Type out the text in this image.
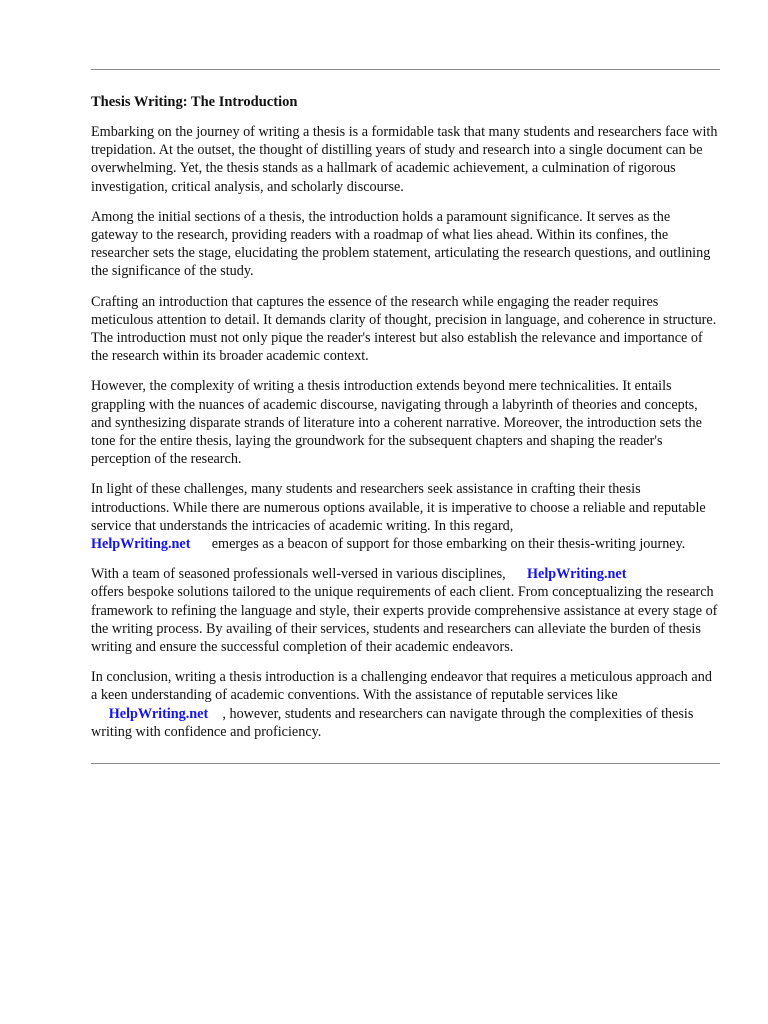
Thesis Writing: The Introduction

Embarking on the journey of writing a thesis is a formidable task that many students and researchers face with trepidation. At the outset, the thought of distilling years of study and research into a single document can be overwhelming. Yet, the thesis stands as a hallmark of academic achievement, a culmination of rigorous investigation, critical analysis, and scholarly discourse.

Among the initial sections of a thesis, the introduction holds a paramount significance. It serves as the gateway to the research, providing readers with a roadmap of what lies ahead. Within its confines, the researcher sets the stage, elucidating the problem statement, articulating the research questions, and outlining the significance of the study.

Crafting an introduction that captures the essence of the research while engaging the reader requires meticulous attention to detail. It demands clarity of thought, precision in language, and coherence in structure. The introduction must not only pique the reader's interest but also establish the relevance and importance of the research within its broader academic context.

However, the complexity of writing a thesis introduction extends beyond mere technicalities. It entails grappling with the nuances of academic discourse, navigating through a labyrinth of theories and concepts, and synthesizing disparate strands of literature into a coherent narrative. Moreover, the introduction sets the tone for the entire thesis, laying the groundwork for the subsequent chapters and shaping the reader's perception of the research.

In light of these challenges, many students and researchers seek assistance in crafting their thesis introductions. While there are numerous options available, it is imperative to choose a reliable and reputable service that understands the intricacies of academic writing. In this regard,
HelpWriting.net      emerges as a beacon of support for those embarking on their thesis-writing journey.

With a team of seasoned professionals well-versed in various disciplines,      HelpWriting.net
offers bespoke solutions tailored to the unique requirements of each client. From conceptualizing the research framework to refining the language and style, their experts provide comprehensive assistance at every stage of the writing process. By availing of their services, students and researchers can alleviate the burden of thesis writing and ensure the successful completion of their academic endeavors.

In conclusion, writing a thesis introduction is a challenging endeavor that requires a meticulous approach and a keen understanding of academic conventions. With the assistance of reputable services like      HelpWriting.net , however, students and researchers can navigate through the complexities of thesis writing with confidence and proficiency.
